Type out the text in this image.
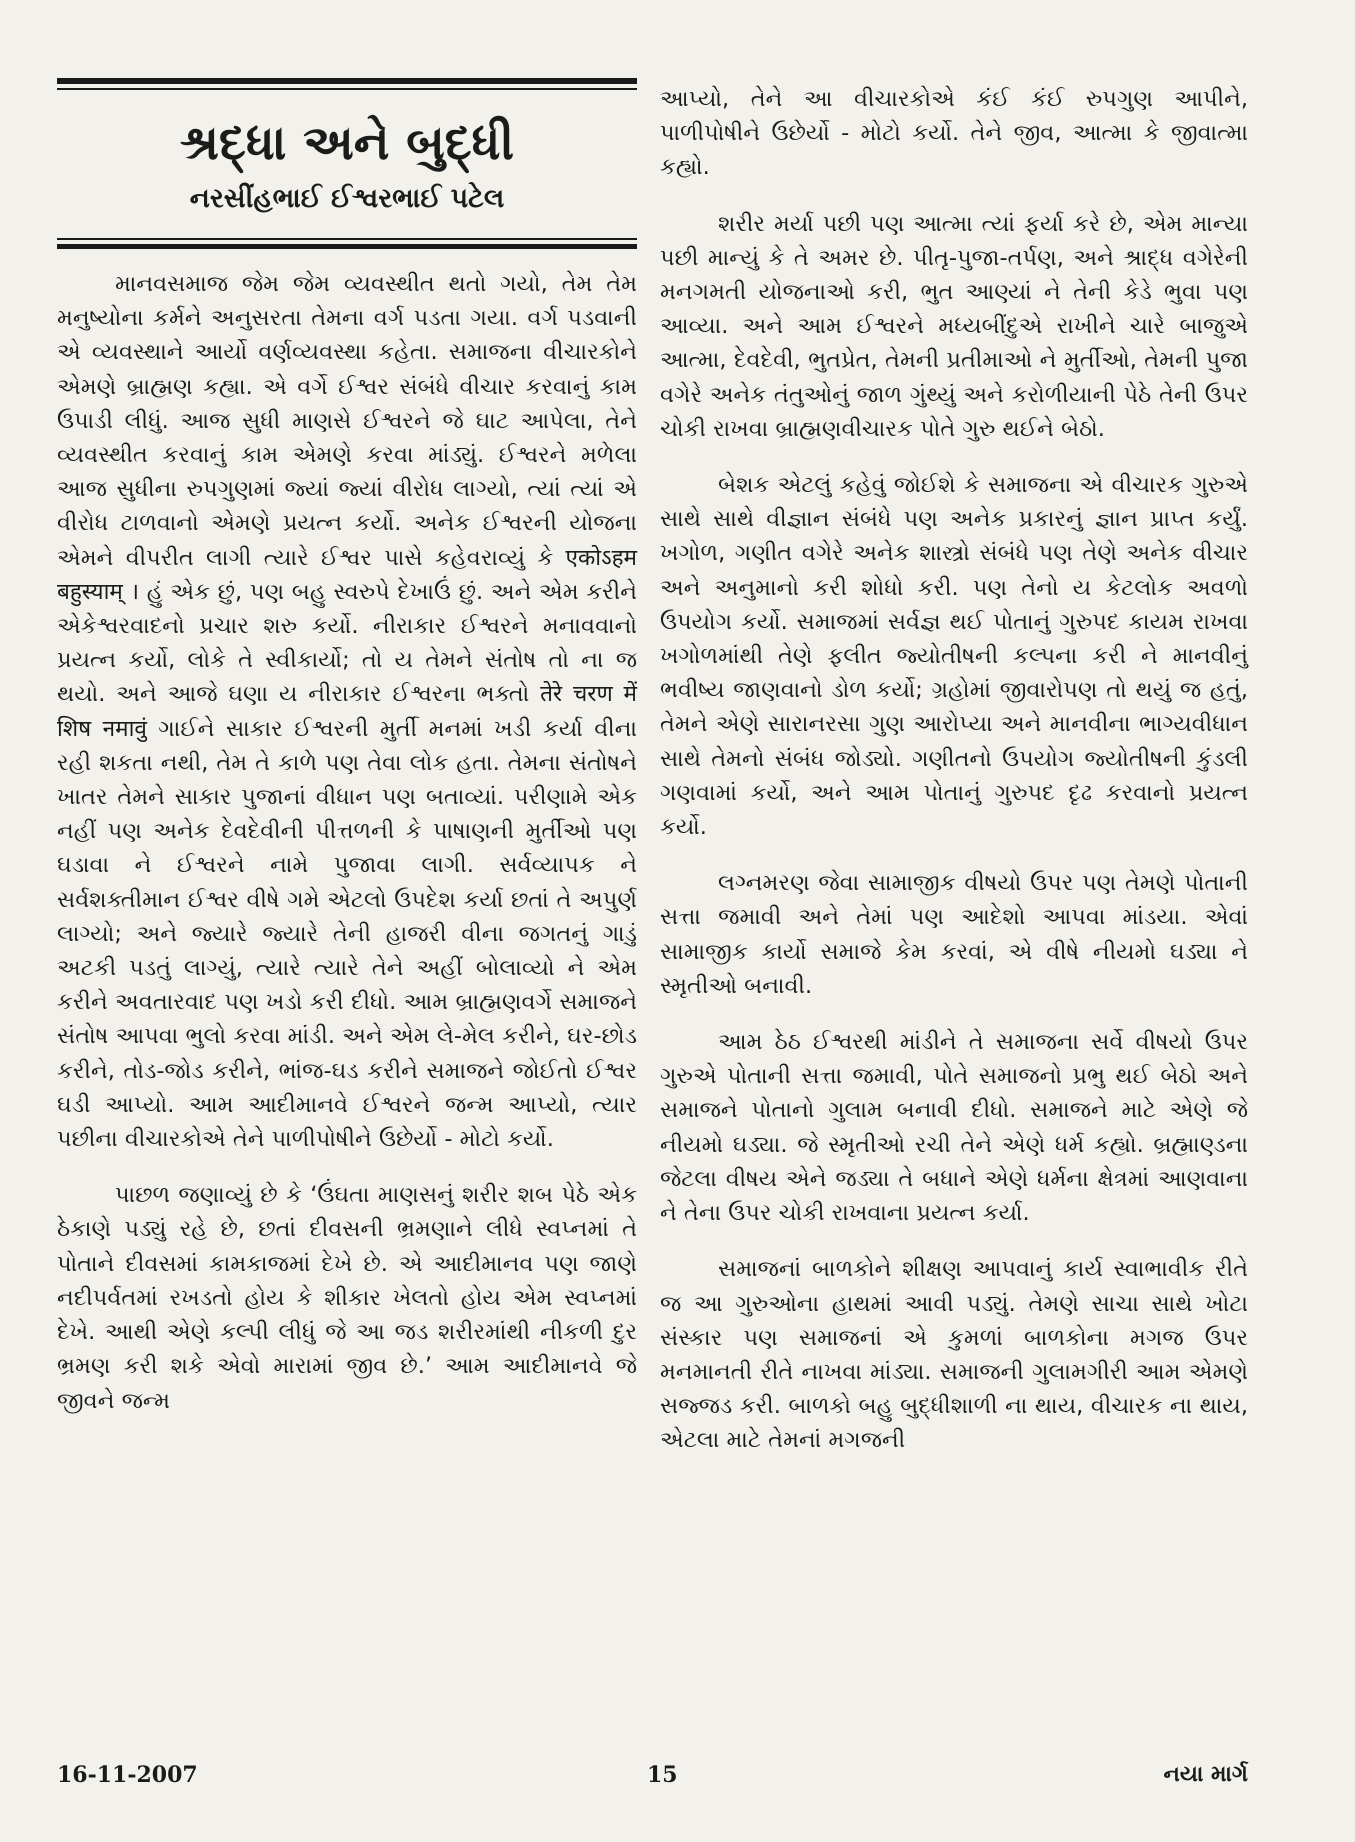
શ્રદ્ધા અને બુદ્ધી
નરસીંહભાઈ ઈશ્વરભાઈ પટેલ

માનવસમાજ જેમ જેમ વ્યવસ્થીત થતો ગયો, તેમ તેમ મનુષ્યોના કર્મને અનુસરતા તેમના વર્ગ પડતા ગયા. વર્ગ પડવાની એ વ્યવસ્થાને આર્યો વર્ણવ્યવસ્થા કહેતા. સમાજના વીચારકોને એમણે બ્રાહ્મણ કહ્યા. એ વર્ગે ઈશ્વર સંબંધે વીચાર કરવાનું કામ ઉપાડી લીધું. આજ સુધી માણસે ઈશ્વરને જે ઘાટ આપેલા, તેને વ્યવસ્થીત કરવાનું કામ એમણે કરવા માંડ્યું. ઈશ્વરને મળેલા આજ સુધીના રુપગુણમાં જ્યાં જ્યાં વીરોધ લાગ્યો, ત્યાં ત્યાં એ વીરોધ ટાળવાનો એમણે પ્રયત્ન કર્યો. અનેક ઈશ્વરની યોજના એમને વીપરીત લાગી ત્યારે ઈશ્વર પાસે કહેવરાવ્યું કે एकोऽहम बहुस्याम् । હું એક છું, પણ બહુ સ્વરુપે દેખાઉં છું. અને એમ કરીને એકેશ્વરવાદનો પ્રચાર શરુ કર્યો. નીરાકાર ઈશ્વરને મનાવવાનો પ્રયત્ન કર્યો, લોકે તે સ્વીકાર્યો; તો ય તેમને સંતોષ તો ના જ થયો. અને આજે ઘણા ય નીરાકાર ઈશ્વરના ભક્તો तेरे चरण में शिष नमावुं ગાઈને સાકાર ઈશ્વરની મુર્તી મનમાં ખડી કર્યા વીના રહી શકતા નથી, તેમ તે કાળે પણ તેવા લોક હતા. તેમના સંતોષને ખાતર તેમને સાકાર પુજાનાં વીધાન પણ બતાવ્યાં. પરીણામે એક નહીં પણ અનેક દેવદેવીની પીત્તળની કે પાષાણની મુર્તીઓ પણ ઘડાવા ને ઈશ્વરને નામે પુજાવા લાગી. સર્વવ્યાપક ને સર્વશક્તીમાન ઈશ્વર વીષે ગમે એટલો ઉપદેશ કર્યા છતાં તે અપુર્ણ લાગ્યો; અને જ્યારે જ્યારે તેની હાજરી વીના જગતનું ગાડું અટકી પડતું લાગ્યું, ત્યારે ત્યારે તેને અહીં બોલાવ્યો ને એમ કરીને અવતારવાદ પણ ખડો કરી દીધો. આમ બ્રાહ્મણવર્ગે સમાજને સંતોષ આપવા ભુલો કરવા માંડી. અને એમ લે-મેલ કરીને, ઘર-છોડ કરીને, તોડ-જોડ કરીને, ભાંજ-ઘડ કરીને સમાજને જોઈતો ઈશ્વર ઘડી આપ્યો. આમ આદીમાનવે ઈશ્વરને જન્મ આપ્યો, ત્યાર પછીના વીચારકોએ તેને પાળીપોષીને ઉછેર્યો - મોટો કર્યો.

પાછળ જણાવ્યું છે કે ‘ઉંઘતા માણસનું શરીર શબ પેઠે એક ઠેકાણે પડ્યું રહે છે, છતાં દીવસની ભ્રમણાને લીધે સ્વપ્નમાં તે પોતાને દીવસમાં કામકાજમાં દેખે છે. એ આદીમાનવ પણ જાણે નદીપર્વતમાં રખડતો હોય કે શીકાર ખેલતો હોય એમ સ્વપ્નમાં દેખે. આથી એણે કલ્પી લીધું જે આ જડ શરીરમાંથી નીકળી દુર ભ્રમણ કરી શકે એવો મારામાં જીવ છે.’ આમ આદીમાનવે જે જીવને જન્મ

આપ્યો, તેને આ વીચારકોએ કંઈ કંઈ રુપગુણ આપીને, પાળીપોષીને ઉછેર્યો - મોટો કર્યો. તેને જીવ, આત્મા કે જીવાત્મા કહ્યો.

શરીર મર્યા પછી પણ આત્મા ત્યાં ફર્યા કરે છે, એમ માન્યા પછી માન્યું કે તે અમર છે. પીતૃ-પુજા-તર્પણ, અને શ્રાદ્ધ વગેરેની મનગમતી યોજનાઓ કરી, ભુત આણ્યાં ને તેની કેડે ભુવા પણ આવ્યા. અને આમ ઈશ્વરને મધ્યબીંદુએ રાખીને ચારે બાજુએ આત્મા, દેવદેવી, ભુતપ્રેત, તેમની પ્રતીમાઓ ને મુર્તીઓ, તેમની પુજા વગેરે અનેક તંતુઓનું જાળ ગુંથ્યું અને કરોળીયાની પેઠે તેની ઉપર ચોકી રાખવા બ્રાહ્મણવીચારક પોતે ગુરુ થઈને બેઠો.

બેશક એટલું કહેવું જોઈશે કે સમાજના એ વીચારક ગુરુએ સાથે સાથે વીજ્ઞાન સંબંધે પણ અનેક પ્રકારનું જ્ઞાન પ્રાપ્ત કર્યું. ખગોળ, ગણીત વગેરે અનેક શાસ્ત્રો સંબંધે પણ તેણે અનેક વીચાર અને અનુમાનો કરી શોધો કરી. પણ તેનો ય કેટલોક અવળો ઉપયોગ કર્યો. સમાજમાં સર્વજ્ઞ થઈ પોતાનું ગુરુપદ કાયમ રાખવા ખગોળમાંથી તેણે ફલીત જ્યોતીષની કલ્પના કરી ને માનવીનું ભવીષ્ય જાણવાનો ડોળ કર્યો; ગ્રહોમાં જીવારોપણ તો થયું જ હતું, તેમને એણે સારાનરસા ગુણ આરોપ્યા અને માનવીના ભાગ્યવીધાન સાથે તેમનો સંબંધ જોડ્યો. ગણીતનો ઉપયોગ જ્યોતીષની કુંડલી ગણવામાં કર્યો, અને આમ પોતાનું ગુરુપદ દૃઢ કરવાનો પ્રયત્ન કર્યો.

લગ્નમરણ જેવા સામાજીક વીષયો ઉપર પણ તેમણે પોતાની સત્તા જમાવી અને તેમાં પણ આદેશો આપવા માંડયા. એવાં સામાજીક કાર્યો સમાજે કેમ કરવાં, એ વીષે નીયમો ઘડ્યા ને સ્મૃતીઓ બનાવી.

આમ ઠેઠ ઈશ્વરથી માંડીને તે સમાજના સર્વે વીષયો ઉપર ગુરુએ પોતાની સત્તા જમાવી, પોતે સમાજનો પ્રભુ થઈ બેઠો અને સમાજને પોતાનો ગુલામ બનાવી દીધો. સમાજને માટે એણે જે નીયમો ઘડ્યા. જે સ્મૃતીઓ રચી તેને એણે ધર્મ કહ્યો. બ્રહ્માણ્ડના જેટલા વીષય એને જડ્યા તે બધાને એણે ધર્મના ક્ષેત્રમાં આણવાના ને તેના ઉપર ચોકી રાખવાના પ્રયત્ન કર્યા.

સમાજનાં બાળકોને શીક્ષણ આપવાનું કાર્ય સ્વાભાવીક રીતે જ આ ગુરુઓના હાથમાં આવી પડ્યું. તેમણે સાચા સાથે ખોટા સંસ્કાર પણ સમાજનાં એ કુમળાં બાળકોના મગજ ઉપર મનમાનતી રીતે નાખવા માંડ્યા. સમાજની ગુલામગીરી આમ એમણે સજ્જડ કરી. બાળકો બહુ બુદ્ધીશાળી ના થાય, વીચારક ના થાય, એટલા માટે તેમનાં મગજની

16-11-2007	15	નયા માર્ગ
